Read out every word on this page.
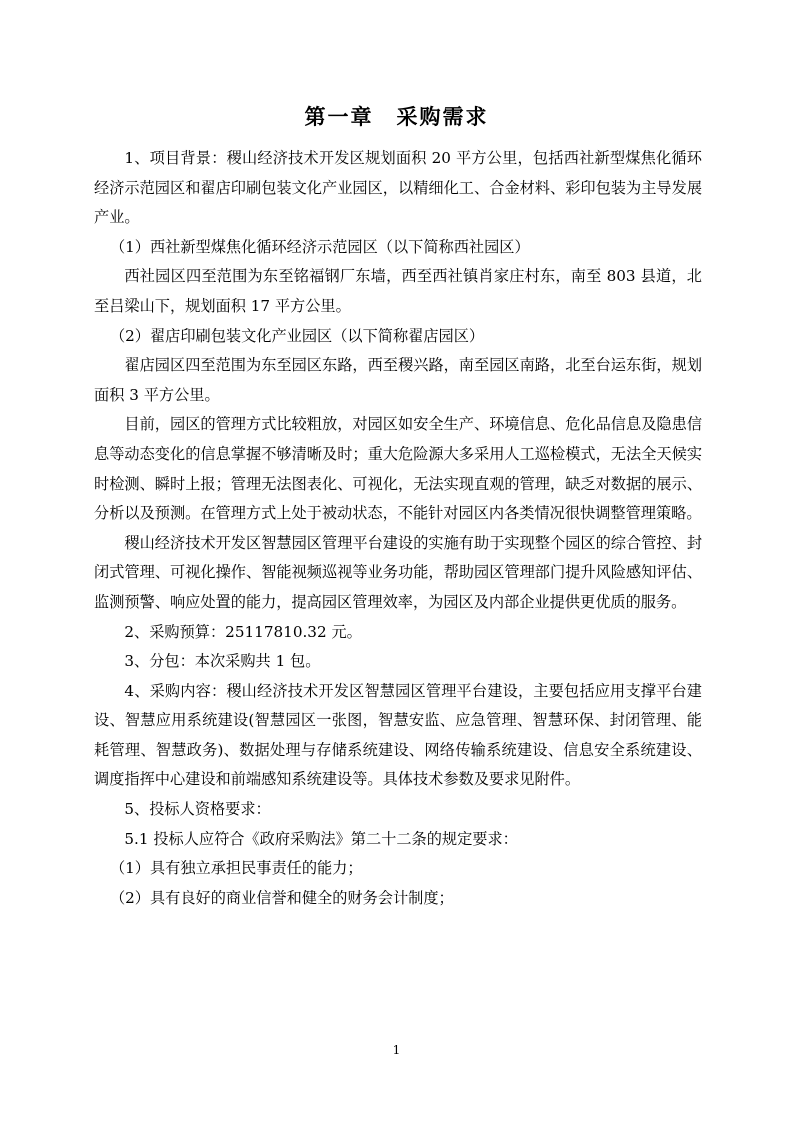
第一章　采购需求

1、项目背景：稷山经济技术开发区规划面积 20 平方公里，包括西社新型煤焦化循环经济示范园区和翟店印刷包装文化产业园区，以精细化工、合金材料、彩印包装为主导发展产业。

（1）西社新型煤焦化循环经济示范园区（以下简称西社园区）

西社园区四至范围为东至铭福钢厂东墙，西至西社镇肖家庄村东，南至 803 县道，北至吕梁山下，规划面积 17 平方公里。

（2）翟店印刷包装文化产业园区（以下简称翟店园区）

翟店园区四至范围为东至园区东路，西至稷兴路，南至园区南路，北至台运东街，规划面积 3 平方公里。

目前，园区的管理方式比较粗放，对园区如安全生产、环境信息、危化品信息及隐患信息等动态变化的信息掌握不够清晰及时；重大危险源大多采用人工巡检模式，无法全天候实时检测、瞬时上报；管理无法图表化、可视化，无法实现直观的管理，缺乏对数据的展示、分析以及预测。在管理方式上处于被动状态，不能针对园区内各类情况很快调整管理策略。

稷山经济技术开发区智慧园区管理平台建设的实施有助于实现整个园区的综合管控、封闭式管理、可视化操作、智能视频巡视等业务功能，帮助园区管理部门提升风险感知评估、监测预警、响应处置的能力，提高园区管理效率，为园区及内部企业提供更优质的服务。

2、采购预算：25117810.32 元。

3、分包：本次采购共 1 包。

4、采购内容：稷山经济技术开发区智慧园区管理平台建设，主要包括应用支撑平台建设、智慧应用系统建设(智慧园区一张图，智慧安监、应急管理、智慧环保、封闭管理、能耗管理、智慧政务)、数据处理与存储系统建设、网络传输系统建设、信息安全系统建设、调度指挥中心建设和前端感知系统建设等。具体技术参数及要求见附件。

5、投标人资格要求：

5.1 投标人应符合《政府采购法》第二十二条的规定要求：

（1）具有独立承担民事责任的能力；

（2）具有良好的商业信誉和健全的财务会计制度；

1
